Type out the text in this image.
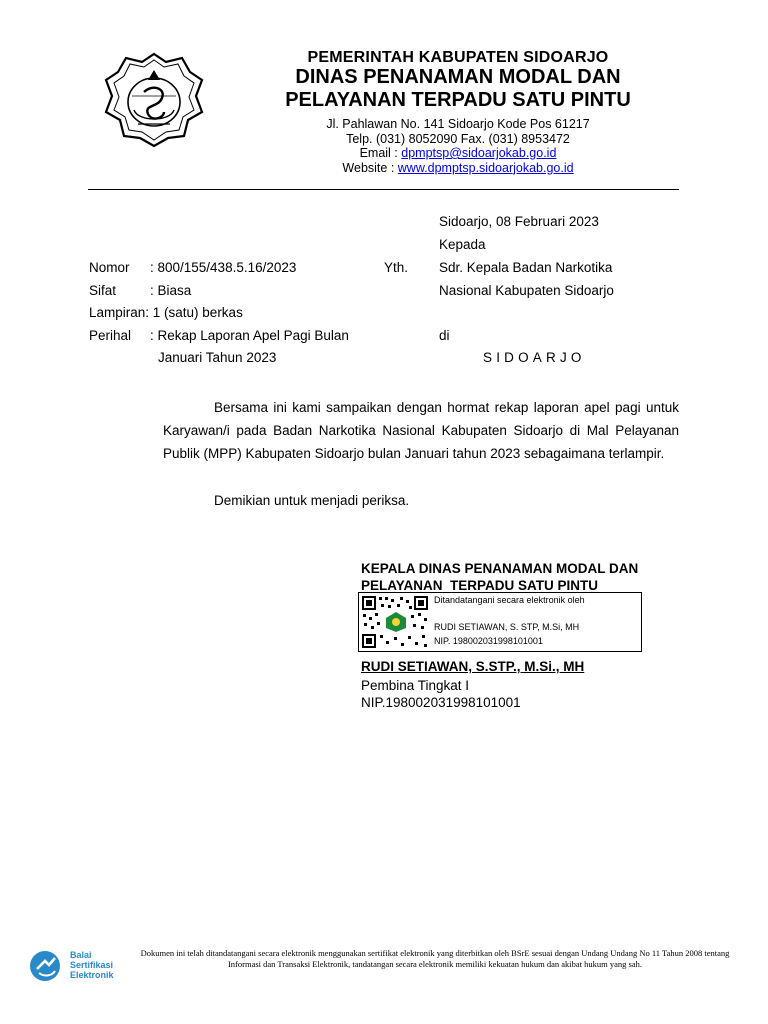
PEMERINTAH KABUPATEN SIDOARJO
DINAS PENANAMAN MODAL DAN
PELAYANAN TERPADU SATU PINTU
Jl. Pahlawan No. 141 Sidoarjo Kode Pos 61217
Telp. (031) 8052090 Fax. (031) 8953472
Email : dpmptsp@sidoarjokab.go.id
Website : www.dpmptsp.sidoarjokab.go.id
Sidoarjo, 08 Februari 2023
Kepada
Yth. Sdr. Kepala Badan Narkotika
Nasional Kabupaten Sidoarjo
di
SIDOARJO
Nomor : 800/155/438.5.16/2023
Sifat	: Biasa
Lampiran: 1 (satu) berkas
Perihal : Rekap Laporan Apel Pagi Bulan
Januari Tahun 2023
Bersama ini kami sampaikan dengan hormat rekap laporan apel pagi untuk Karyawan/i pada Badan Narkotika Nasional Kabupaten Sidoarjo di Mal Pelayanan Publik (MPP) Kabupaten Sidoarjo bulan Januari tahun 2023 sebagaimana terlampir.
Demikian untuk menjadi periksa.
KEPALA DINAS PENANAMAN MODAL DAN
PELAYANAN  TERPADU SATU PINTU
Ditandatangani secara elektronik oleh
RUDI SETIAWAN, S. STP, M.Si, MH
NIP. 198002031998101001
RUDI SETIAWAN, S.STP., M.Si., MH
Pembina Tingkat I
NIP.198002031998101001
Balai
Sertifikasi
Elektronik
Dokumen ini telah ditandatangani secara elektronik menggunakan sertifikat elektronik yang diterbitkan oleh BSrE sesuai dengan Undang Undang No 11 Tahun 2008 tentang Informasi dan Transaksi Elektronik, tandatangan secara elektronik memiliki kekuatan hukum dan akibat hukum yang sah.
